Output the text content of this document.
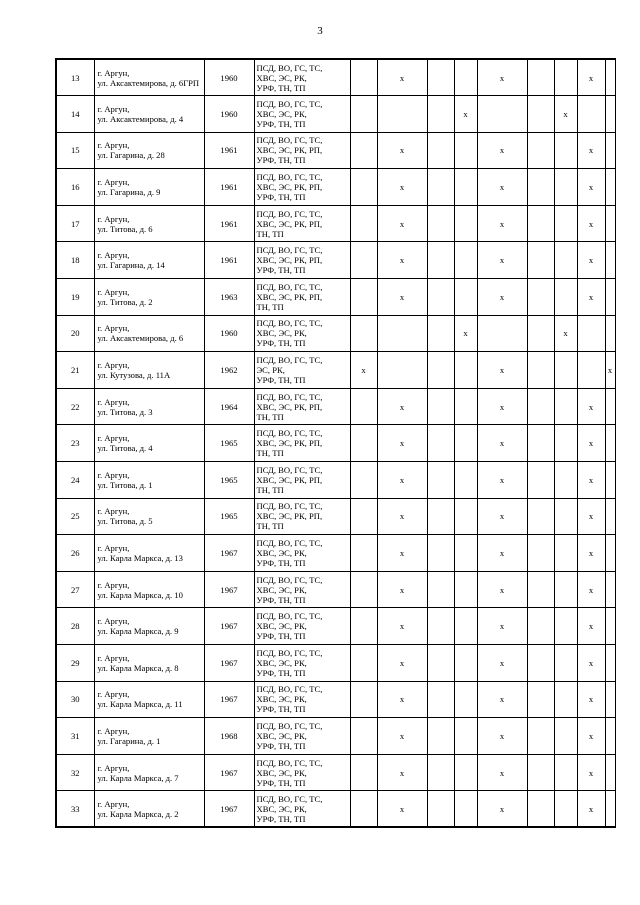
3
13	г. Аргун,
ул. Аксактемирова, д. 6ГРП	1960	ПСД, ВО, ГС, ТС,
ХВС, ЭС, РК,
УРФ, ТН, ТП		x			x			x	
14	г. Аргун,
ул. Аксактемирова, д. 4	1960	ПСД, ВО, ГС, ТС,
ХВС, ЭС, РК,
УРФ, ТН, ТП				x			x		
15	г. Аргун,
ул. Гагарина, д. 28	1961	ПСД, ВО, ГС, ТС,
ХВС, ЭС, РК, РП,
УРФ, ТН, ТП		x			x			x	
16	г. Аргун,
ул. Гагарина, д. 9	1961	ПСД, ВО, ГС, ТС,
ХВС, ЭС, РК, РП,
УРФ, ТН, ТП		x			x			x	
17	г. Аргун,
ул. Титова, д. 6	1961	ПСД, ВО, ГС, ТС,
ХВС, ЭС, РК, РП,
ТН, ТП		x			x			x	
18	г. Аргун,
ул. Гагарина, д. 14	1961	ПСД, ВО, ГС, ТС,
ХВС, ЭС, РК, РП,
УРФ, ТН, ТП		x			x			x	
19	г. Аргун,
ул. Титова, д. 2	1963	ПСД, ВО, ГС, ТС,
ХВС, ЭС, РК, РП,
ТН, ТП		x			x			x	
20	г. Аргун,
ул. Аксактемирова, д. 6	1960	ПСД, ВО, ГС, ТС,
ХВС, ЭС, РК,
УРФ, ТН, ТП				x			x		
21	г. Аргун,
ул. Кутузова, д. 11А	1962	ПСД, ВО, ГС, ТС,
ЭС, РК,
УРФ, ТН, ТП	x				x				x
22	г. Аргун,
ул. Титова, д. 3	1964	ПСД, ВО, ГС, ТС,
ХВС, ЭС, РК, РП,
ТН, ТП		x			x			x	
23	г. Аргун,
ул. Титова, д. 4	1965	ПСД, ВО, ГС, ТС,
ХВС, ЭС, РК, РП,
ТН, ТП		x			x			x	
24	г. Аргун,
ул. Титова, д. 1	1965	ПСД, ВО, ГС, ТС,
ХВС, ЭС, РК, РП,
ТН, ТП		x			x			x	
25	г. Аргун,
ул. Титова, д. 5	1965	ПСД, ВО, ГС, ТС,
ХВС, ЭС, РК, РП,
ТН, ТП		x			x			x	
26	г. Аргун,
ул. Карла Маркса, д. 13	1967	ПСД, ВО, ГС, ТС,
ХВС, ЭС, РК,
УРФ, ТН, ТП		x			x			x	
27	г. Аргун,
ул. Карла Маркса, д. 10	1967	ПСД, ВО, ГС, ТС,
ХВС, ЭС, РК,
УРФ, ТН, ТП		x			x			x	
28	г. Аргун,
ул. Карла Маркса, д. 9	1967	ПСД, ВО, ГС, ТС,
ХВС, ЭС, РК,
УРФ, ТН, ТП		x			x			x	
29	г. Аргун,
ул. Карла Маркса, д. 8	1967	ПСД, ВО, ГС, ТС,
ХВС, ЭС, РК,
УРФ, ТН, ТП		x			x			x	
30	г. Аргун,
ул. Карла Маркса, д. 11	1967	ПСД, ВО, ГС, ТС,
ХВС, ЭС, РК,
УРФ, ТН, ТП		x			x			x	
31	г. Аргун,
ул. Гагарина, д. 1	1968	ПСД, ВО, ГС, ТС,
ХВС, ЭС, РК,
УРФ, ТН, ТП		x			x			x	
32	г. Аргун,
ул. Карла Маркса, д. 7	1967	ПСД, ВО, ГС, ТС,
ХВС, ЭС, РК,
УРФ, ТН, ТП		x			x			x	
33	г. Аргун,
ул. Карла Маркса, д. 2	1967	ПСД, ВО, ГС, ТС,
ХВС, ЭС, РК,
УРФ, ТН, ТП		x			x			x	
